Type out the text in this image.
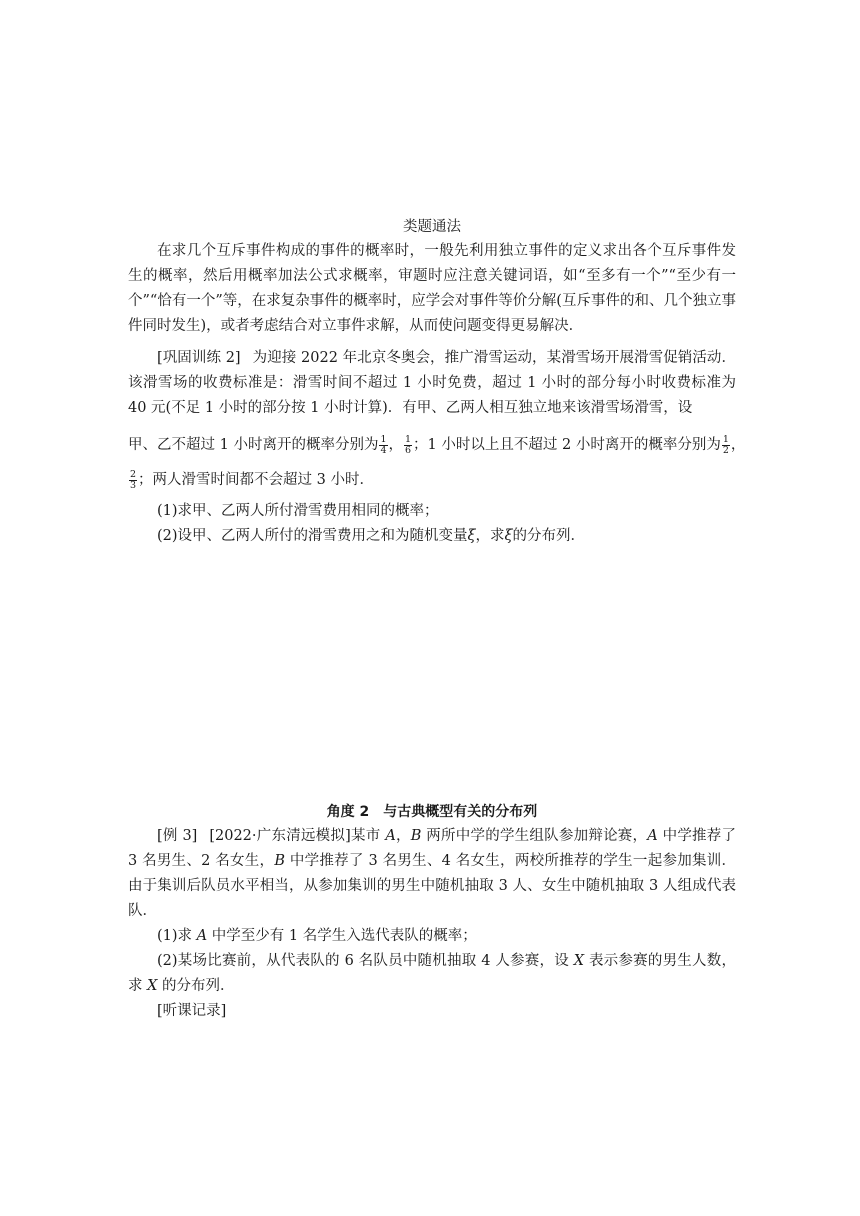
类题通法

在求几个互斥事件构成的事件的概率时，一般先利用独立事件的定义求出各个互斥事件发生的概率，然后用概率加法公式求概率，审题时应注意关键词语，如“至多有一个”“至少有一个”“恰有一个”等，在求复杂事件的概率时，应学会对事件等价分解(互斥事件的和、几个独立事件同时发生)，或者考虑结合对立事件求解，从而使问题变得更易解决．

[巩固训练 2] 为迎接 2022 年北京冬奥会，推广滑雪运动，某滑雪场开展滑雪促销活动．该滑雪场的收费标准是：滑雪时间不超过 1 小时免费，超过 1 小时的部分每小时收费标准为 40 元(不足 1 小时的部分按 1 小时计算)．有甲、乙两人相互独立地来该滑雪场滑雪，设

甲、乙不超过 1 小时离开的概率分别为 $\frac{1}{4}$ ， $\frac{1}{6}$ ；1 小时以上且不超过 2 小时离开的概率分别为 $\frac{1}{2}$ ，
$\frac{2}{3}$ ；两人滑雪时间都不会超过 3 小时．

(1)求甲、乙两人所付滑雪费用相同的概率；

(2)设甲、乙两人所付的滑雪费用之和为随机变量ξ，求ξ的分布列．

角度 2　与古典概型有关的分布列

[例 3] [2022·广东清远模拟]某市 A，B 两所中学的学生组队参加辩论赛，A 中学推荐了 3 名男生、2 名女生，B 中学推荐了 3 名男生、4 名女生，两校所推荐的学生一起参加集训．由于集训后队员水平相当，从参加集训的男生中随机抽取 3 人、女生中随机抽取 3 人组成代表队．

(1)求 A 中学至少有 1 名学生入选代表队的概率；

(2)某场比赛前，从代表队的 6 名队员中随机抽取 4 人参赛，设 X 表示参赛的男生人数，求 X 的分布列．

[听课记录]
